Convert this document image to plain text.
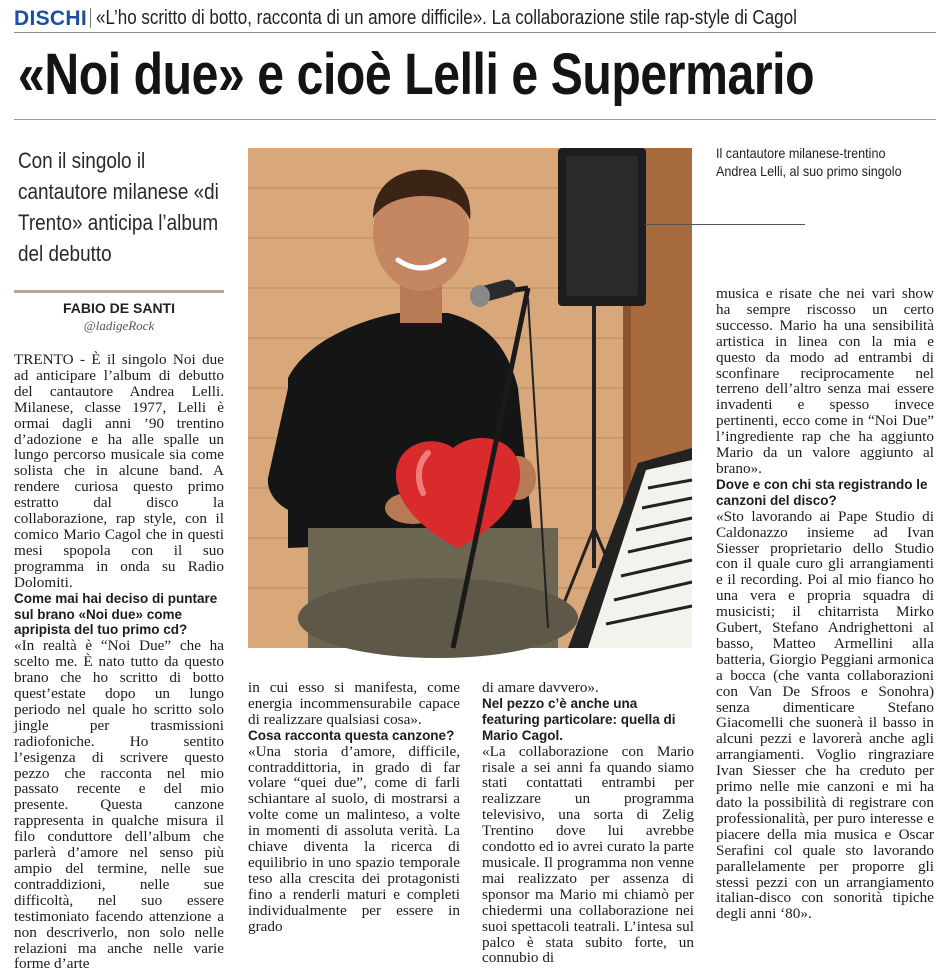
DISCHI «L’ho scritto di botto, racconta di un amore difficile». La collaborazione stile rap-style di Cagol
«Noi due» e cioè Lelli e Supermario
Con il singolo il cantautore milanese «di Trento» anticipa l’album del debutto
FABIO DE SANTI
@ladigeRock
Il cantautore milanese-trentino Andrea Lelli, al suo primo singolo

TRENTO - È il singolo Noi due ad anticipare l’album di debutto del cantautore Andrea Lelli. Milanese, classe 1977, Lelli è ormai dagli anni ’90 trentino d’adozione e ha alle spalle un lungo percorso musicale sia come solista che in alcune band. A rendere curiosa questo primo estratto dal disco la collaborazione, rap style, con il comico Mario Cagol che in questi mesi spopola con il suo programma in onda su Radio Dolomiti.

Come mai hai deciso di puntare sul brano «Noi due» come apripista del tuo primo cd?

«In realtà è “Noi Due” che ha scelto me. È nato tutto da questo brano che ho scritto di botto quest’estate dopo un lungo periodo nel quale ho scritto solo jingle per trasmissioni radiofoniche. Ho sentito l’esigenza di scrivere questo pezzo che racconta nel mio passato recente e del mio presente. Questa canzone rappresenta in qualche misura il filo conduttore dell’album che parlerà d’amore nel senso più ampio del termine, nelle sue contraddizioni, nelle sue difficoltà, nel suo essere testimoniato facendo attenzione a non descriverlo, non solo nelle relazioni ma anche nelle varie forme d’arte

in cui esso si manifesta, come energia incommensurabile capace di realizzare qualsiasi cosa».

Cosa racconta questa canzone?

«Una storia d’amore, difficile, contraddittoria, in grado di far volare “quei due”, come di farli schiantare al suolo, di mostrarsi a volte come un malinteso, a volte in momenti di assoluta verità. La chiave diventa la ricerca di equilibrio in uno spazio temporale teso alla crescita dei protagonisti fino a renderli maturi e completi individualmente per essere in grado

di amare davvero».

Nel pezzo c’è anche una featuring particolare: quella di Mario Cagol.

«La collaborazione con Mario risale a sei anni fa quando siamo stati contattati entrambi per realizzare un programma televisivo, una sorta di Zelig Trentino dove lui avrebbe condotto ed io avrei curato la parte musicale. Il programma non venne mai realizzato per assenza di sponsor ma Mario mi chiamò per chiedermi una collaborazione nei suoi spettacoli teatrali. L’intesa sul palco è stata subito forte, un connubio di

musica e risate che nei vari show ha sempre riscosso un certo successo. Mario ha una sensibilità artistica in linea con la mia e questo da modo ad entrambi di sconfinare reciprocamente nel terreno dell’altro senza mai essere invadenti e spesso invece pertinenti, ecco come in “Noi Due” l’ingrediente rap che ha aggiunto Mario da un valore aggiunto al brano».

Dove e con chi sta registrando le canzoni del disco?

«Sto lavorando ai Pape Studio di Caldonazzo insieme ad Ivan Siesser proprietario dello Studio con il quale curo gli arrangiamenti e il recording. Poi al mio fianco ho una vera e propria squadra di musicisti; il chitarrista Mirko Gubert, Stefano Andrighettoni al basso, Matteo Armellini alla batteria, Giorgio Peggiani armonica a bocca (che vanta collaborazioni con Van De Sfroos e Sonohra) senza dimenticare Stefano Giacomelli che suonerà il basso in alcuni pezzi e lavorerà anche agli arrangiamenti. Voglio ringraziare Ivan Siesser che ha creduto per primo nelle mie canzoni e mi ha dato la possibilità di registrare con professionalità, per puro interesse e piacere della mia musica e Oscar Serafini col quale sto lavorando parallelamente per proporre gli stessi pezzi con un arrangiamento italian-disco con sonorità tipiche degli anni ‘80».
